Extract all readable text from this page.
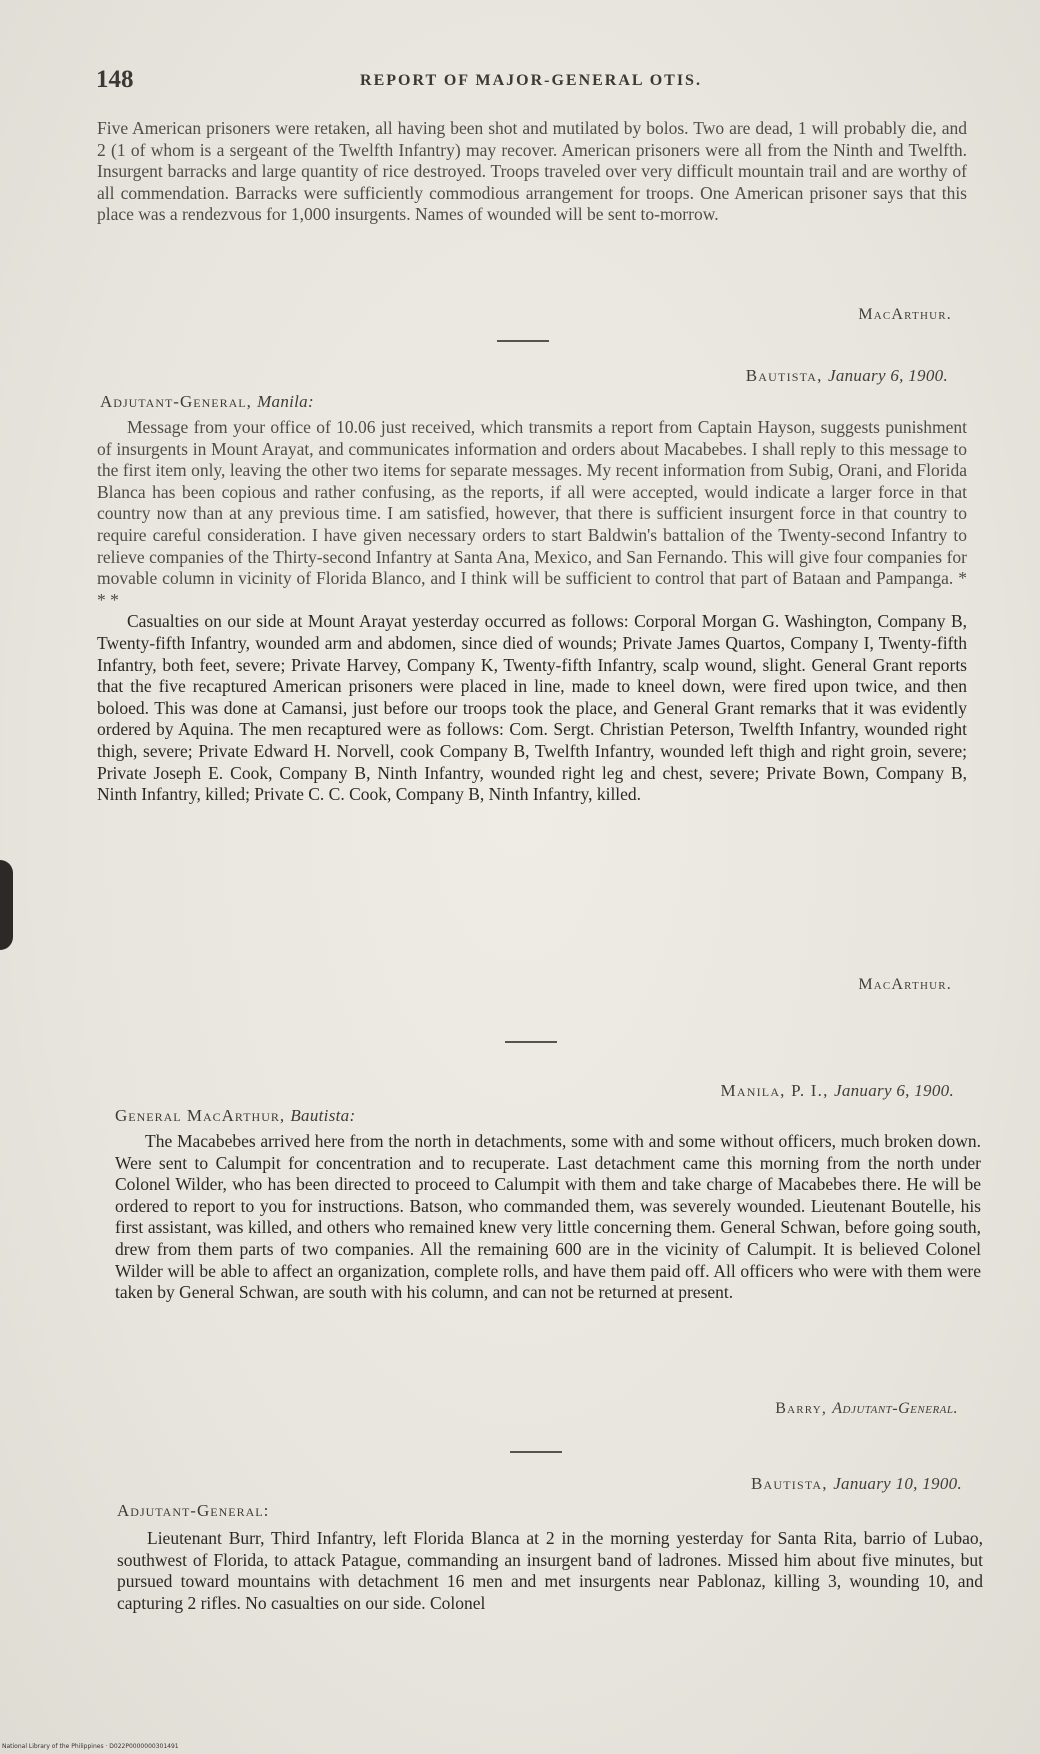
148	REPORT OF MAJOR-GENERAL OTIS.

Five American prisoners were retaken, all having been shot and mutilated by bolos. Two are dead, 1 will probably die, and 2 (1 of whom is a sergeant of the Twelfth Infantry) may recover. American prisoners were all from the Ninth and Twelfth. Insurgent barracks and large quantity of rice destroyed. Troops traveled over very difficult mountain trail and are worthy of all commendation. Barracks were sufficiently commodious arrangement for troops. One American prisoner says that this place was a rendezvous for 1,000 insurgents. Names of wounded will be sent to-morrow.

MacArthur.
Bautista, January 6, 1900.
Adjutant-General, Manila:

Message from your office of 10.06 just received, which transmits a report from Captain Hayson, suggests punishment of insurgents in Mount Arayat, and communicates information and orders about Macabebes. I shall reply to this message to the first item only, leaving the other two items for separate messages. My recent information from Subig, Orani, and Florida Blanca has been copious and rather confusing, as the reports, if all were accepted, would indicate a larger force in that country now than at any previous time. I am satisfied, however, that there is sufficient insurgent force in that country to require careful consideration. I have given necessary orders to start Baldwin's battalion of the Twenty-second Infantry to relieve companies of the Thirty-second Infantry at Santa Ana, Mexico, and San Fernando. This will give four companies for movable column in vicinity of Florida Blanco, and I think will be sufficient to control that part of Bataan and Pampanga. * * *

Casualties on our side at Mount Arayat yesterday occurred as follows: Corporal Morgan G. Washington, Company B, Twenty-fifth Infantry, wounded arm and abdomen, since died of wounds; Private James Quartos, Company I, Twenty-fifth Infantry, both feet, severe; Private Harvey, Company K, Twenty-fifth Infantry, scalp wound, slight. General Grant reports that the five recaptured American prisoners were placed in line, made to kneel down, were fired upon twice, and then boloed. This was done at Camansi, just before our troops took the place, and General Grant remarks that it was evidently ordered by Aquina. The men recaptured were as follows: Com. Sergt. Christian Peterson, Twelfth Infantry, wounded right thigh, severe; Private Edward H. Norvell, cook Company B, Twelfth Infantry, wounded left thigh and right groin, severe; Private Joseph E. Cook, Company B, Ninth Infantry, wounded right leg and chest, severe; Private Bown, Company B, Ninth Infantry, killed; Private C. C. Cook, Company B, Ninth Infantry, killed.

MacArthur.
Manila, P. I., January 6, 1900.
General MacArthur, Bautista:

The Macabebes arrived here from the north in detachments, some with and some without officers, much broken down. Were sent to Calumpit for concentration and to recuperate. Last detachment came this morning from the north under Colonel Wilder, who has been directed to proceed to Calumpit with them and take charge of Macabebes there. He will be ordered to report to you for instructions. Batson, who commanded them, was severely wounded. Lieutenant Boutelle, his first assistant, was killed, and others who remained knew very little concerning them. General Schwan, before going south, drew from them parts of two companies. All the remaining 600 are in the vicinity of Calumpit. It is believed Colonel Wilder will be able to affect an organization, complete rolls, and have them paid off. All officers who were with them were taken by General Schwan, are south with his column, and can not be returned at present.

Barry, Adjutant-General.
Bautista, January 10, 1900.
Adjutant-General:

Lieutenant Burr, Third Infantry, left Florida Blanca at 2 in the morning yesterday for Santa Rita, barrio of Lubao, southwest of Florida, to attack Patague, commanding an insurgent band of ladrones. Missed him about five minutes, but pursued toward mountains with detachment 16 men and met insurgents near Pablonaz, killing 3, wounding 10, and capturing 2 rifles. No casualties on our side. Colonel

National Library of the Philippines · D022P0000000301491
